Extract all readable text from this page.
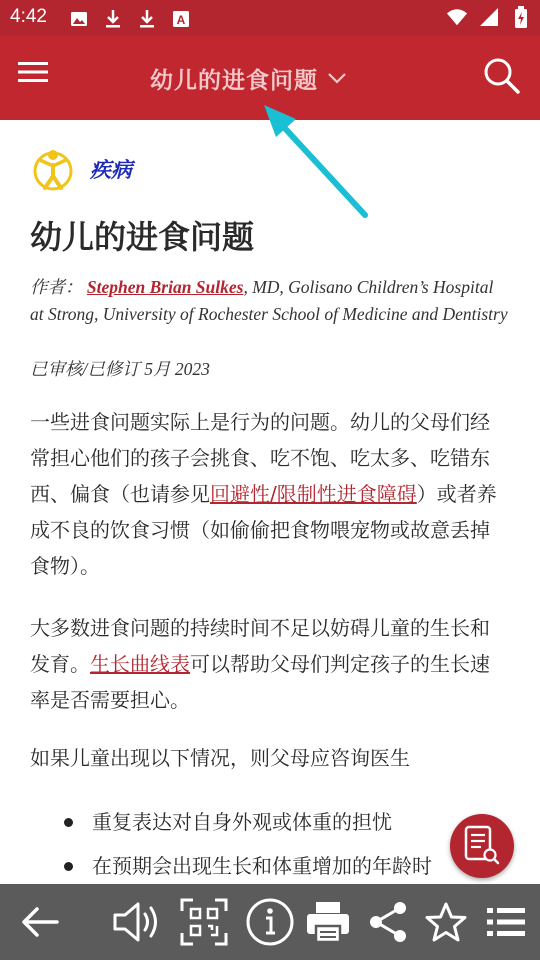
4:42	A
幼儿的进食问题
疾病
幼儿的进食问题

作者： Stephen Brian Sulkes, MD, Golisano Children’s Hospital at Strong, University of Rochester School of Medicine and Dentistry

已审核/已修订 5月 2023

一些进食问题实际上是行为的问题。幼儿的父母们经常担心他们的孩子会挑食、吃不饱、吃太多、吃错东西、偏食（也请参见回避性/限制性进食障碍）或者养成不良的饮食习惯（如偷偷把食物喂宠物或故意丢掉食物）。

大多数进食问题的持续时间不足以妨碍儿童的生长和发育。生长曲线表可以帮助父母们判定孩子的生长速率是否需要担心。

如果儿童出现以下情况，则父母应咨询医生

重复表达对自身外观或体重的担忧
在预期会出现生长和体重增加的年龄时
